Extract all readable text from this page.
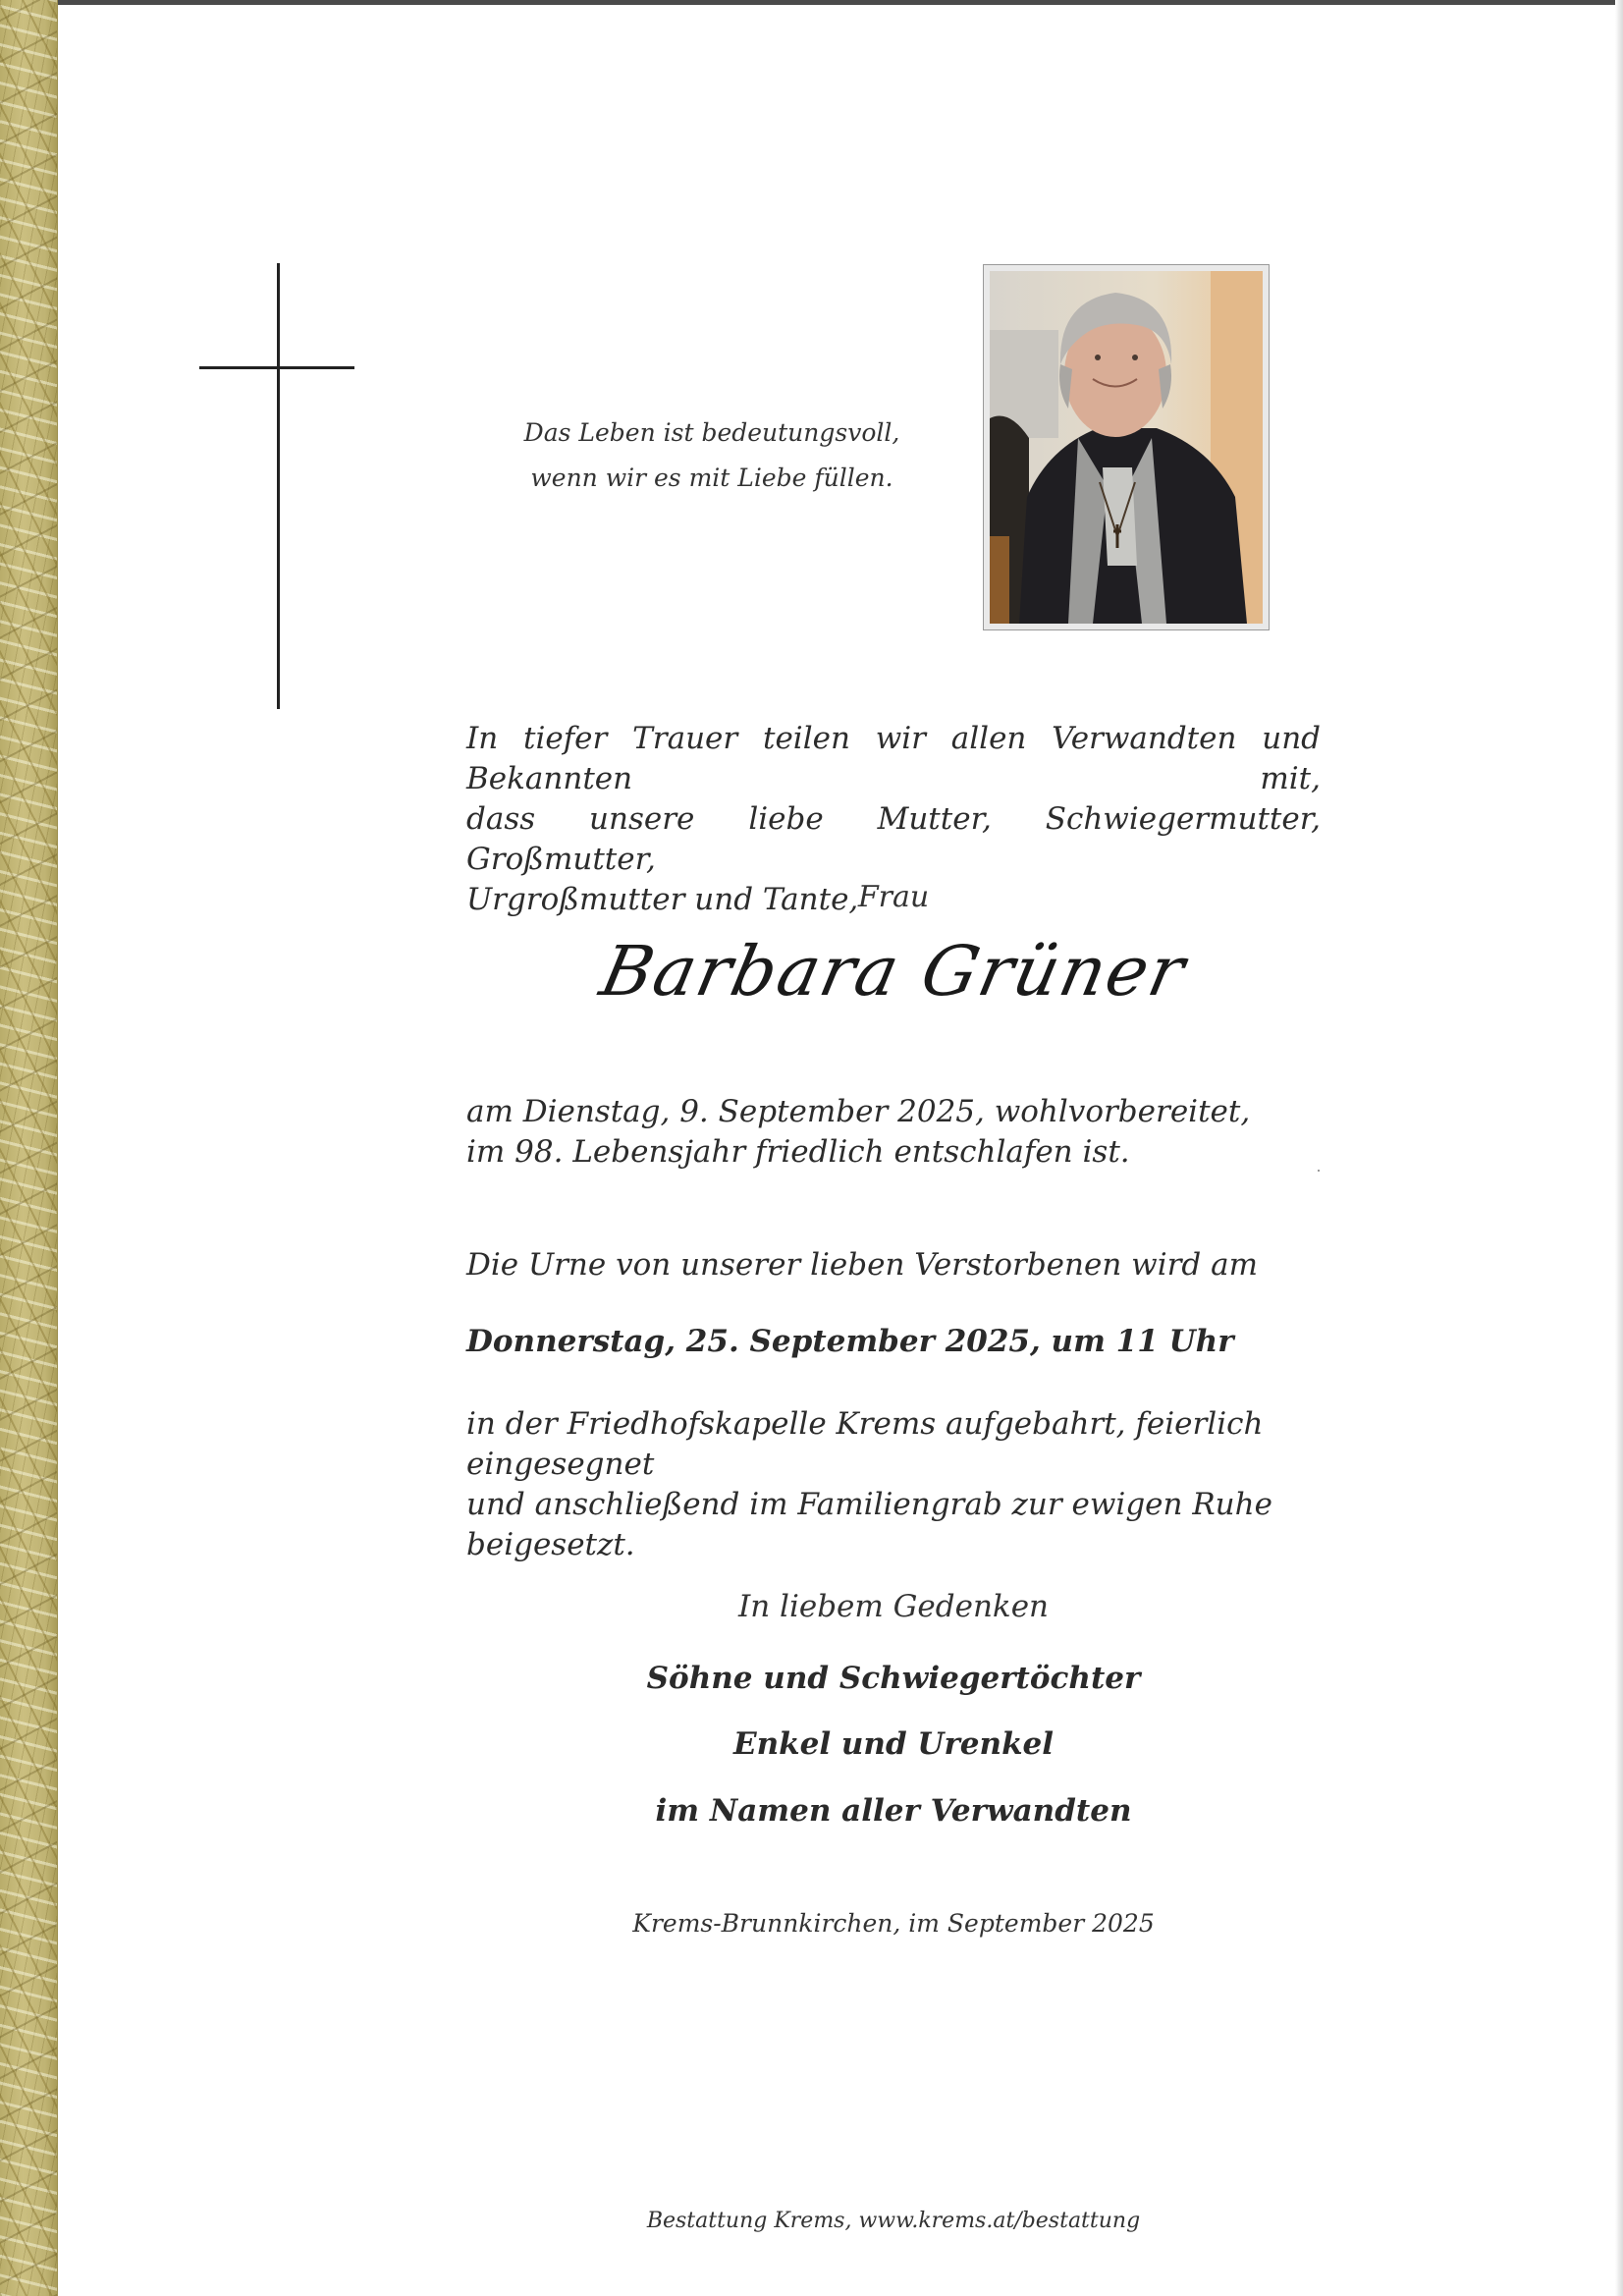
Das Leben ist bedeutungsvoll,
wenn wir es mit Liebe füllen.
In tiefer Trauer teilen wir allen Verwandten und Bekannten mit,
dass unsere liebe Mutter, Schwiegermutter, Großmutter,
Urgroßmutter und Tante, Frau
Barbara Grüner
am Dienstag, 9. September 2025, wohlvorbereitet,
im 98. Lebensjahr friedlich entschlafen ist.
Die Urne von unserer lieben Verstorbenen wird am
Donnerstag, 25. September 2025, um 11 Uhr
in der Friedhofskapelle Krems aufgebahrt, feierlich eingesegnet
und anschließend im Familiengrab zur ewigen Ruhe beigesetzt.
In liebem Gedenken
Söhne und Schwiegertöchter
Enkel und Urenkel
im Namen aller Verwandten
Krems-Brunnkirchen, im September 2025
Bestattung Krems, www.krems.at/bestattung
